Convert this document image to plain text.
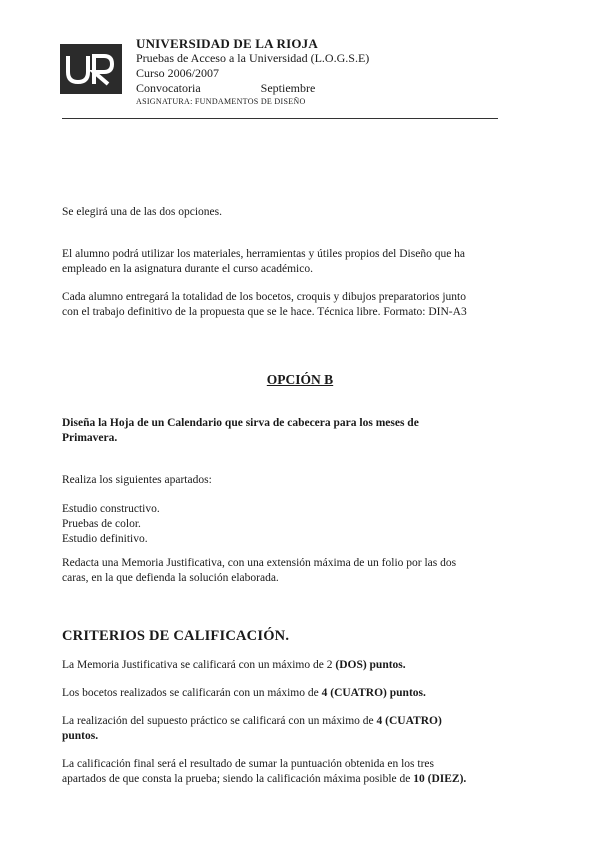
UNIVERSIDAD DE LA RIOJA
Pruebas de Acceso a la Universidad (L.O.G.S.E)
Curso 2006/2007
Convocatoria	Septiembre
ASIGNATURA: FUNDAMENTOS DE DISEÑO
Se elegirá una de las dos opciones.
El alumno podrá utilizar los materiales, herramientas y útiles propios del Diseño que ha
empleado en la asignatura durante el curso académico.
Cada alumno entregará la totalidad de los bocetos, croquis y dibujos preparatorios junto
con el trabajo definitivo de la propuesta que se le hace. Técnica libre. Formato: DIN-A3
OPCIÓN B
Diseña la Hoja de un Calendario que sirva de cabecera para los meses de
Primavera.
Realiza los siguientes apartados:
Estudio constructivo.
Pruebas de color.
Estudio definitivo.
Redacta una Memoria Justificativa, con una extensión máxima de un folio por las dos
caras, en la que defienda la solución elaborada.
CRITERIOS DE CALIFICACIÓN.
La Memoria Justificativa se calificará con un máximo de 2 (DOS) puntos.
Los bocetos realizados se calificarán con un máximo de 4 (CUATRO) puntos.
La realización del supuesto práctico se calificará con un máximo de 4 (CUATRO)
puntos.
La calificación final será el resultado de sumar la puntuación obtenida en los tres
apartados de que consta la prueba; siendo la calificación máxima posible de 10 (DIEZ).
